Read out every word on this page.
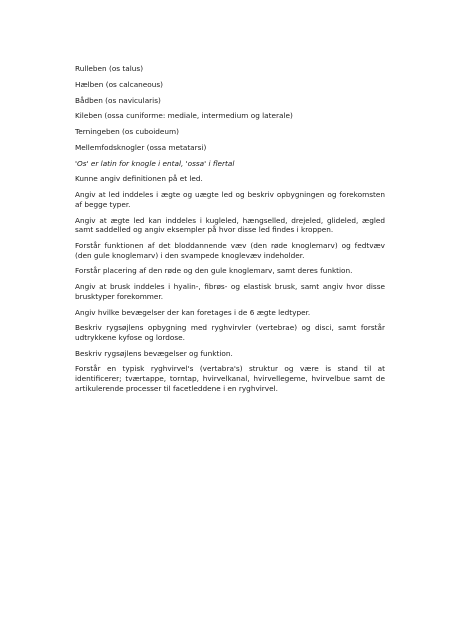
Rulleben (os talus)

Hælben (os calcaneous)

Bådben (os navicularis)

Kileben (ossa cuniforme: mediale, intermedium og laterale)

Terningeben (os cuboideum)

Mellemfodsknogler (ossa metatarsi)

'Os' er latin for knogle i ental, 'ossa' i flertal

Kunne angiv definitionen på et led.

Angiv at led inddeles i ægte og uægte led og beskriv opbygningen og forekomsten af begge typer.

Angiv at ægte led kan inddeles i kugleled, hængselled, drejeled, glideled, ægled samt saddelled og angiv eksempler på hvor disse led findes i kroppen.

Forstår funktionen af det bloddannende væv (den røde knoglemarv) og fedtvæv (den gule knoglemarv) i den svampede knoglevæv indeholder.

Forstår placering af den røde og den gule knoglemarv, samt deres funktion.

Angiv at brusk inddeles i hyalin-, fibrøs- og elastisk brusk, samt angiv hvor disse brusktyper forekommer.

Angiv hvilke bevægelser der kan foretages i de 6 ægte ledtyper.

Beskriv rygsøjlens opbygning med ryghvirvler (vertebrae) og disci, samt forstår udtrykkene kyfose og lordose.

Beskriv rygsøjlens bevægelser og funktion.

Forstår en typisk ryghvirvel's (vertabra's) struktur og være is stand til at identificerer; tværtappe, torntap, hvirvelkanal, hvirvellegeme, hvirvelbue samt de artikulerende processer til facetleddene i en ryghvirvel.
